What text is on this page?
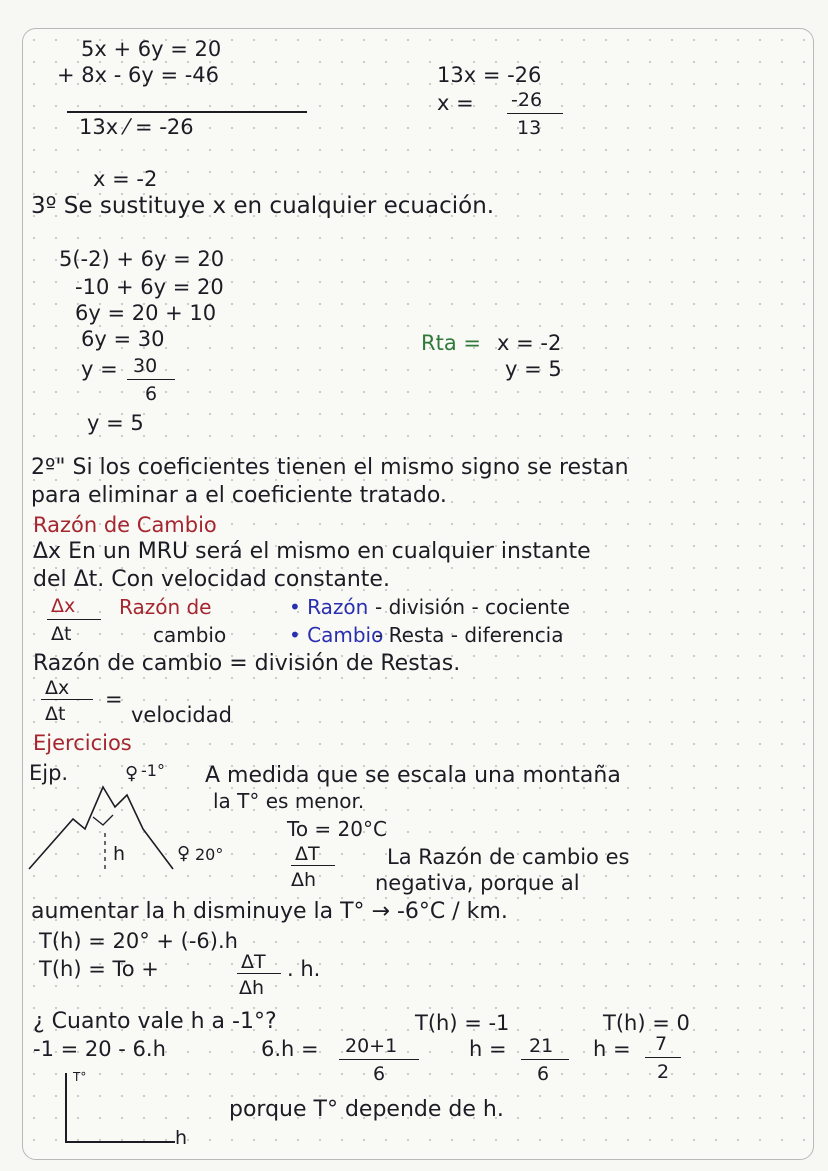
5x + 6y = 20
+ 8x - 6y = -46
13x ⁄ = -26
13x = -26
x = -26
13
x = -2
3º Se sustituye x en cualquier ecuación.
5(-2) + 6y = 20
-10 + 6y = 20
6y = 20 + 10
6y = 30
y = 30
6
y = 5
Rta = x = -2
y = 5
2º" Si los coeficientes tienen el mismo signo se restan
para eliminar a el coeficiente tratado.
Razón de Cambio
Δx En un MRU será el mismo en cualquier instante
del Δt. Con velocidad constante.
Δx
Δt
Razón de
cambio
• Razón - división - cociente
• Cambio
- Resta - diferencia
Razón de cambio = división de Restas.
Δx
Δt
=
velocidad
Ejercicios
Ejp.	♀ -1°
♀ 20°
h
A medida que se escala una montaña
la T° es menor.
To = 20°C
ΔT
Δh
La Razón de cambio es
negativa, porque al
aumentar la h disminuye la T° → -6°C / km.
T(h) = 20° + (-6).h
T(h) = To +	ΔT
Δh
. h.
¿ Cuanto vale h a -1°?	T(h) = -1	T(h) = 0
-1 = 20 - 6.h	6.h = 20+1
6
h = 21
6
h = 7
2
T°
h
porque T° depende de h.
